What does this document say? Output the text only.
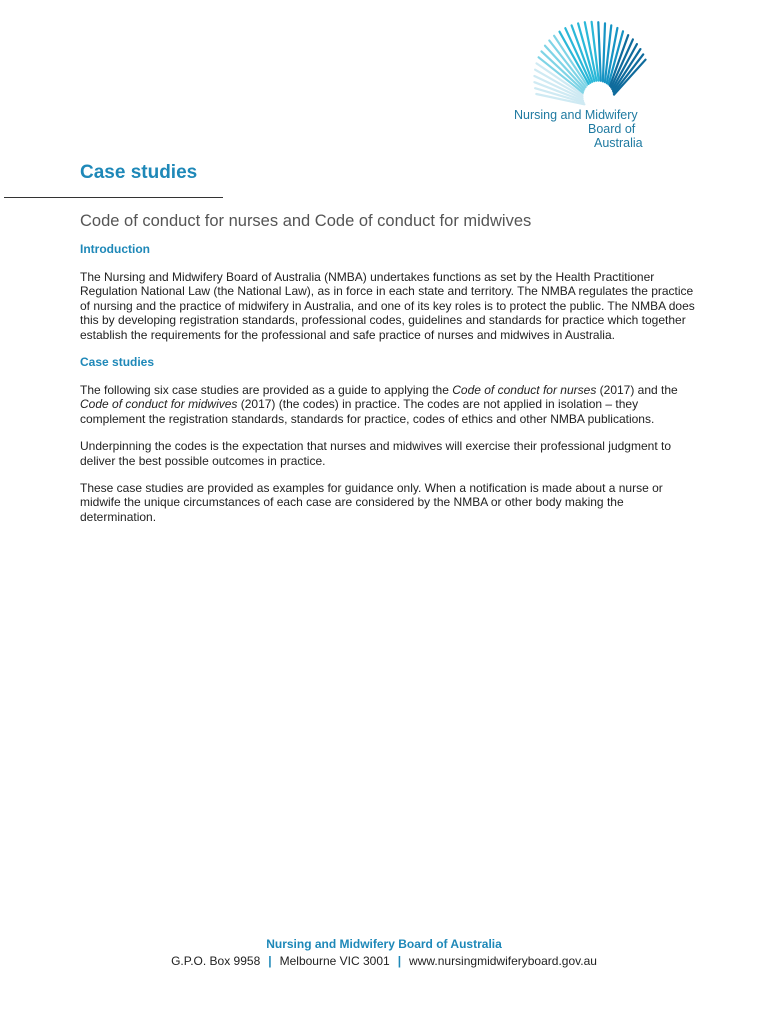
Nursing and Midwifery
Board of
Australia
Case studies
Code of conduct for nurses and Code of conduct for midwives
Introduction

The Nursing and Midwifery Board of Australia (NMBA) undertakes functions as set by the Health Practitioner Regulation National Law (the National Law), as in force in each state and territory. The NMBA regulates the practice of nursing and the practice of midwifery in Australia, and one of its key roles is to protect the public. The NMBA does this by developing registration standards, professional codes, guidelines and standards for practice which together establish the requirements for the professional and safe practice of nurses and midwives in Australia.

Case studies

The following six case studies are provided as a guide to applying the Code of conduct for nurses (2017) and the Code of conduct for midwives (2017) (the codes) in practice. The codes are not applied in isolation – they complement the registration standards, standards for practice, codes of ethics and other NMBA publications.

Underpinning the codes is the expectation that nurses and midwives will exercise their professional judgment to deliver the best possible outcomes in practice.

These case studies are provided as examples for guidance only. When a notification is made about a nurse or midwife the unique circumstances of each case are considered by the NMBA or other body making the determination.

Nursing and Midwifery Board of Australia
G.P.O. Box 9958 | Melbourne VIC 3001 | www.nursingmidwiferyboard.gov.au
